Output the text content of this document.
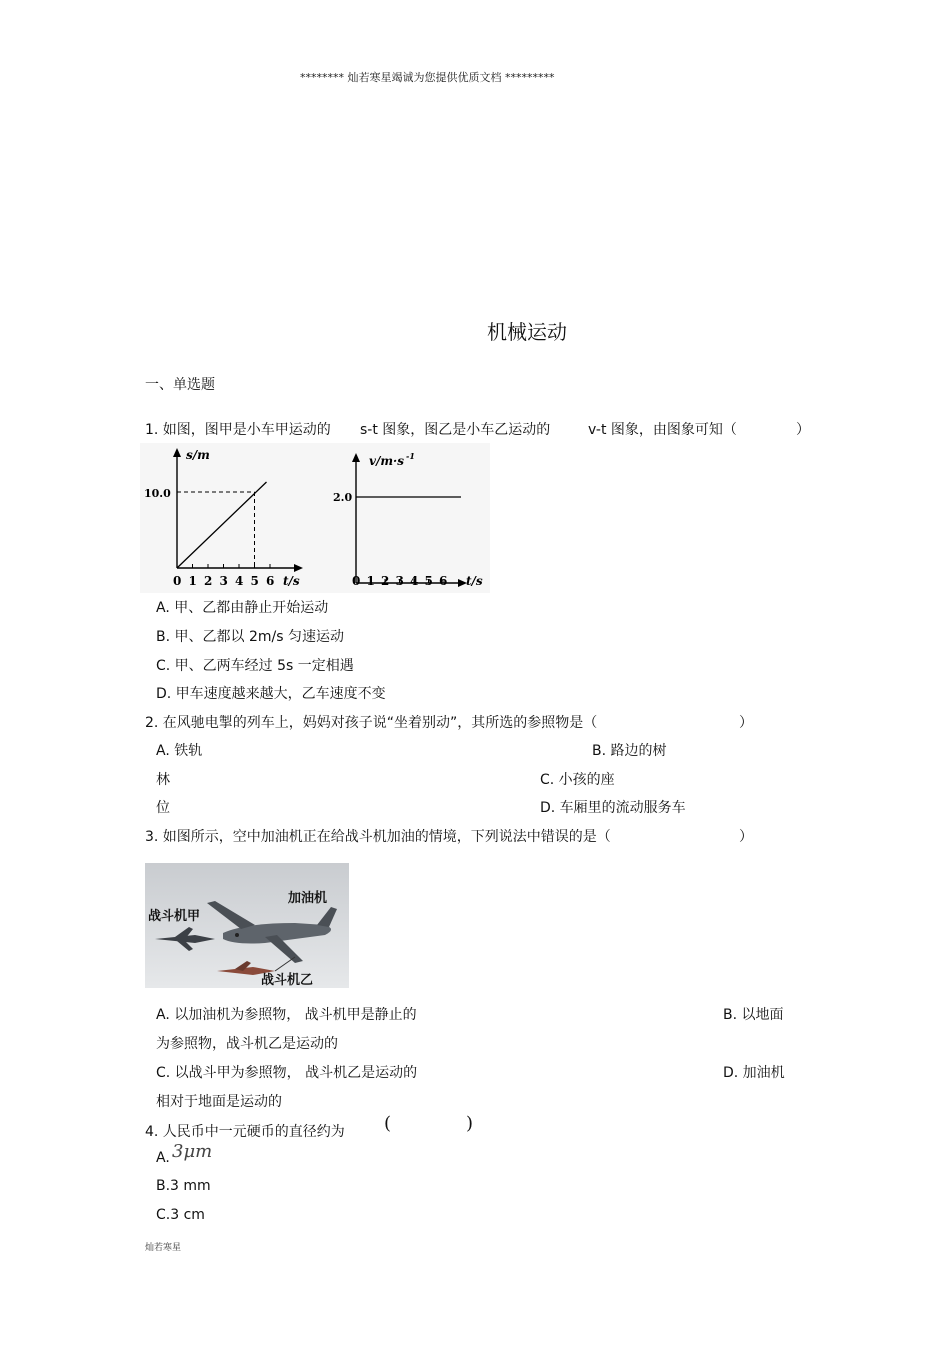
******** 灿若寒星竭诚为您提供优质文档 *********
机械运动
一、单选题
1. 如图，图甲是小车甲运动的 s-t 图象，图乙是小车乙运动的	v-t 图象，由图象可知（	）
s/m
10.0
t/s
0 1 2 3 4 5 6
v/m·s -1
2.0
t/s
0 1 2 3 4 5 6
A. 甲、乙都由静止开始运动
B. 甲、乙都以 2m/s 匀速运动
C. 甲、乙两车经过 5s 一定相遇
D. 甲车速度越来越大，乙车速度不变
2. 在风驰电掣的列车上，妈妈对孩子说“坐着别动”，其所选的参照物是（	）
A. 铁轨	B. 路边的树
林	C. 小孩的座
位	D. 车厢里的流动服务车
3. 如图所示，空中加油机正在给战斗机加油的情境，下列说法中错误的是（	）
加油机
战斗机甲
战斗机乙
A. 以加油机为参照物， 战斗机甲是静止的	B. 以地面
为参照物，战斗机乙是运动的
C. 以战斗甲为参照物， 战斗机乙是运动的	D. 加油机
相对于地面是运动的
4. 人民币中一元硬币的直径约为 (	)
A. 3μm
B.3 mm
C.3 cm
灿若寒星
